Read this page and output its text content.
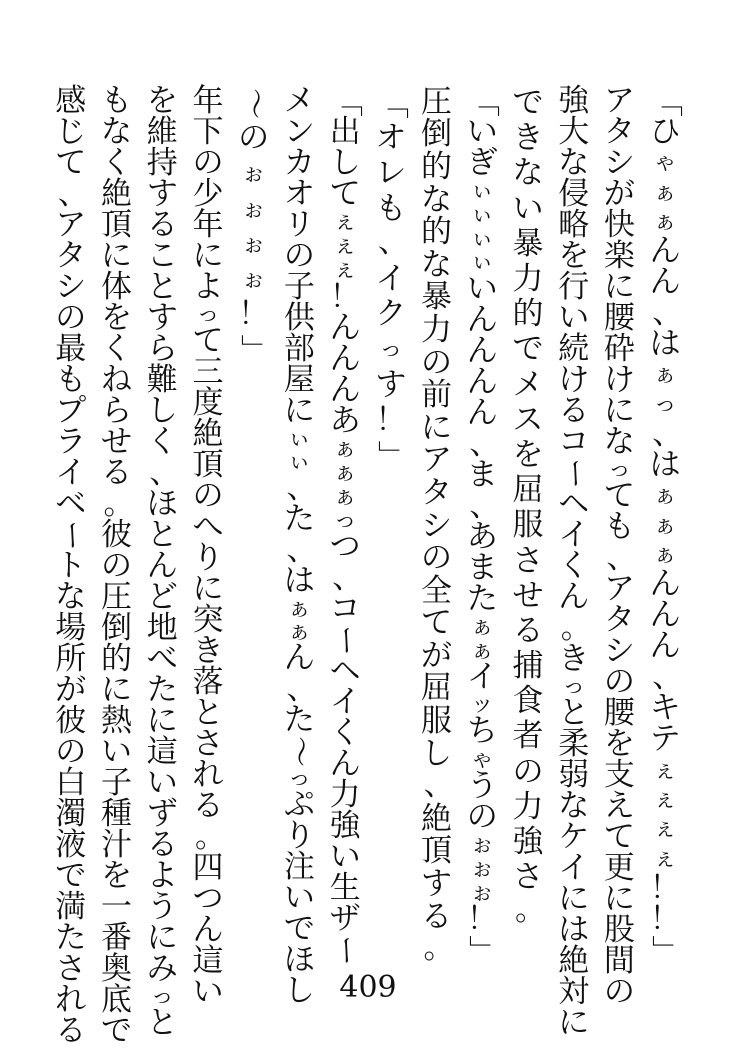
「
ひ
ゃ
ぁ
ぁ
ん
ん
、
は
ぁ
っ
、
は
ぁ
ぁ
ぁ
ん
ん
ん
、
キ
テ
ぇ
ぇ
ぇ
ぇ
！
！
」
ア
タ
シ
が
快
楽
に
腰
砕
け
に
な
っ
て
も
、
ア
タ
シ
の
腰
を
支
え
て
更
に
股
間
の
強
大
な
侵
略
を
行
い
続
け
る
コ
ー
ヘ
イ
く
ん
。
き
っ
と
柔
弱
な
ケ
イ
に
は
絶
対
に
で
き
な
い
暴
力
的
で
メ
ス
を
屈
服
さ
せ
る
捕
食
者
の
力
強
さ
。
「
い
ぎ
ぃ
ぃ
ぃ
ぃ
い
ん
ん
ん
ん
、
ま
、
あ
ま
た
ぁ
ぁ
イ
ッ
ち
ゃ
う
の
ぉ
ぉ
ぉ
！
」
圧
倒
的
な
的
な
暴
力
の
前
に
ア
タ
シ
の
全
て
が
屈
服
し
、
絶
頂
す
る
。
「
オ
レ
も
、
イ
ク
っ
す
！
」
「
出
し
て
ぇ
ぇ
ぇ
！
ん
ん
ん
あ
ぁ
ぁ
ぁ
っ
つ
、
コ
ー
ヘ
イ
く
ん
力
強
い
生
ザ
ー
メ
ン
カ
オ
リ
の
子
供
部
屋
に
ぃ
ぃ
、
た
、
は
ぁ
ぁ
ん
、
た
～
っ
ぷ
り
注
い
で
ほ
し
～
の
ぉ
ぉ
ぉ
ぉ
！
」
年
下
の
少
年
に
よ
っ
て
三
度
絶
頂
の
へ
り
に
突
き
落
と
さ
れ
る
。
四
つ
ん
這
い
を
維
持
す
る
こ
と
す
ら
難
し
く
、
ほ
と
ん
ど
地
べ
た
に
這
い
ず
る
よ
う
に
み
っ
と
も
な
く
絶
頂
に
体
を
く
ね
ら
せ
る
。
彼
の
圧
倒
的
に
熱
い
子
種
汁
を
一
番
奥
底
で
感
じ
て
、
ア
タ
シ
の
最
も
プ
ラ
イ
ベ
ー
ト
な
場
所
が
彼
の
白
濁
液
で
満
た
さ
れ
る
409
